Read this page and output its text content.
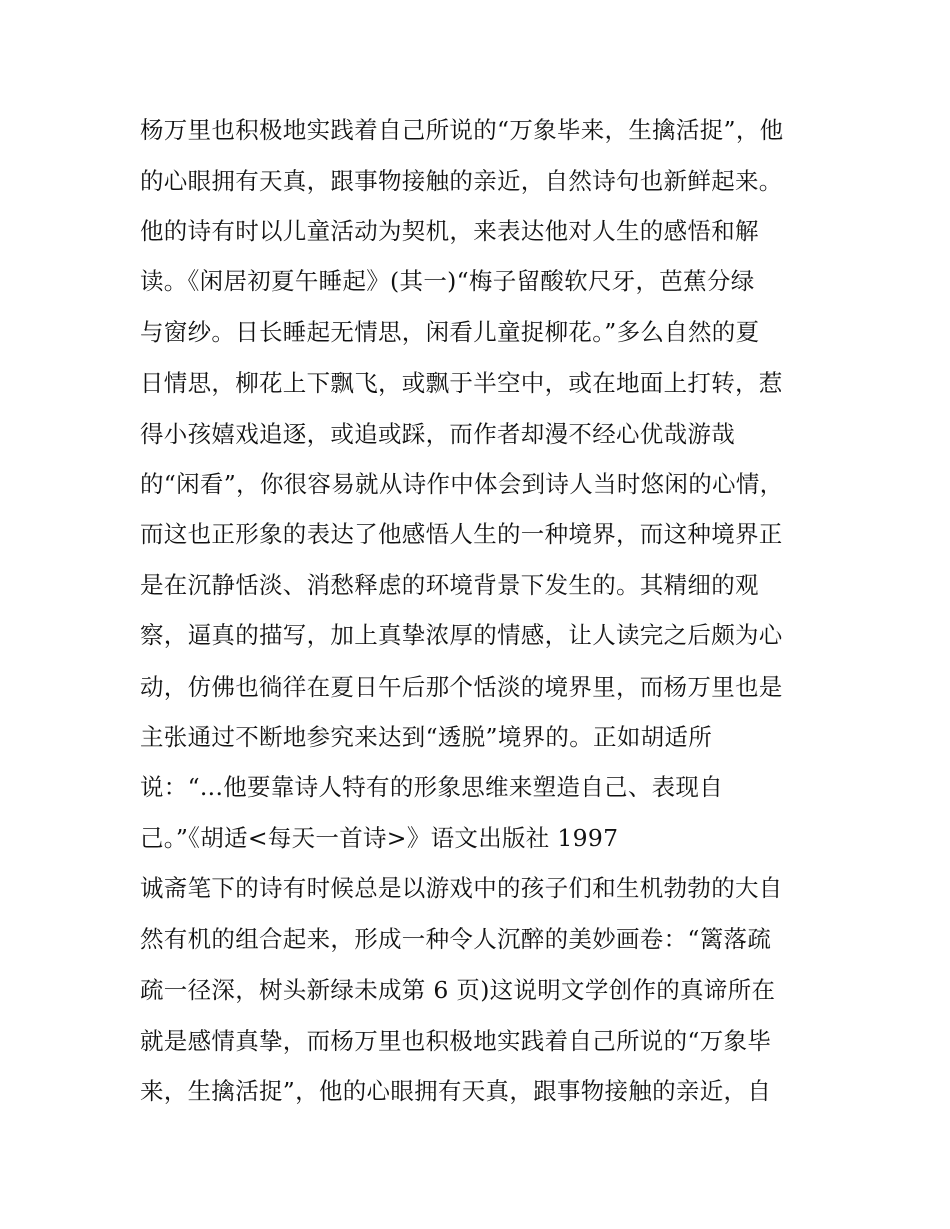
杨万里也积极地实践着自己所说的“万象毕来，生擒活捉”，他
的心眼拥有天真，跟事物接触的亲近，自然诗句也新鲜起来。
他的诗有时以儿童活动为契机，来表达他对人生的感悟和解
读。《闲居初夏午睡起》(其一)“梅子留酸软尺牙，芭蕉分绿
与窗纱。日长睡起无情思，闲看儿童捉柳花。”多么自然的夏
日情思，柳花上下飘飞，或飘于半空中，或在地面上打转，惹
得小孩嬉戏追逐，或追或踩，而作者却漫不经心优哉游哉
的“闲看”，你很容易就从诗作中体会到诗人当时悠闲的心情，
而这也正形象的表达了他感悟人生的一种境界，而这种境界正
是在沉静恬淡、消愁释虑的环境背景下发生的。其精细的观
察，逼真的描写，加上真挚浓厚的情感，让人读完之后颇为心
动，仿佛也徜徉在夏日午后那个恬淡的境界里，而杨万里也是
主张通过不断地参究来达到“透脱”境界的。正如胡适所
说：“...他要靠诗人特有的形象思维来塑造自己、表现自
己。”《胡适<每天一首诗>》语文出版社 1997
诚斋笔下的诗有时候总是以游戏中的孩子们和生机勃勃的大自
然有机的组合起来，形成一种令人沉醉的美妙画卷：“篱落疏
疏一径深，树头新绿未成第 6 页)这说明文学创作的真谛所在
就是感情真挚，而杨万里也积极地实践着自己所说的“万象毕
来，生擒活捉”，他的心眼拥有天真，跟事物接触的亲近，自
